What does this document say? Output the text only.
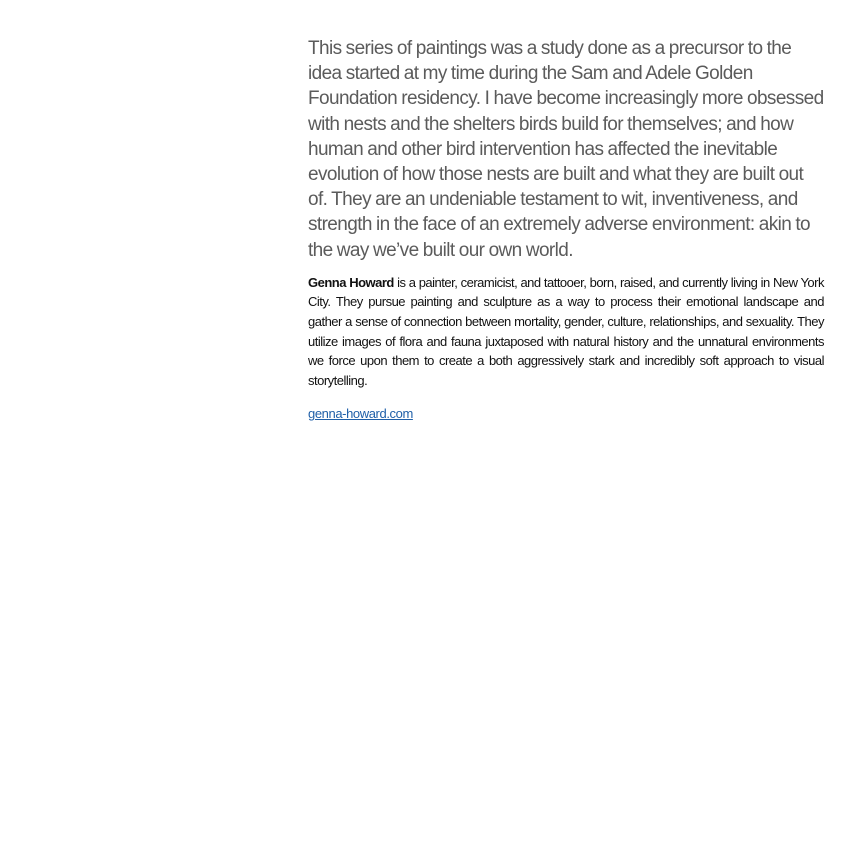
This series of paintings was a study done as a precursor to the idea started at my time during the Sam and Adele Golden Foundation residency. I have become increasingly more obsessed with nests and the shelters birds build for themselves; and how human and other bird intervention has affected the inevitable evolution of how those nests are built and what they are built out of. They are an undeniable testament to wit, inventiveness, and strength in the face of an extremely adverse environment: akin to the way we’ve built our own world.

Genna Howard is a painter, ceramicist, and tattooer, born, raised, and currently living in New York City. They pursue painting and sculpture as a way to process their emotional landscape and gather a sense of connection between mortality, gender, culture, relationships, and sexuality. They utilize images of flora and fauna juxtaposed with natural history and the unnatural environments we force upon them to create a both aggressively stark and incredibly soft approach to visual storytelling.

genna-howard.com
